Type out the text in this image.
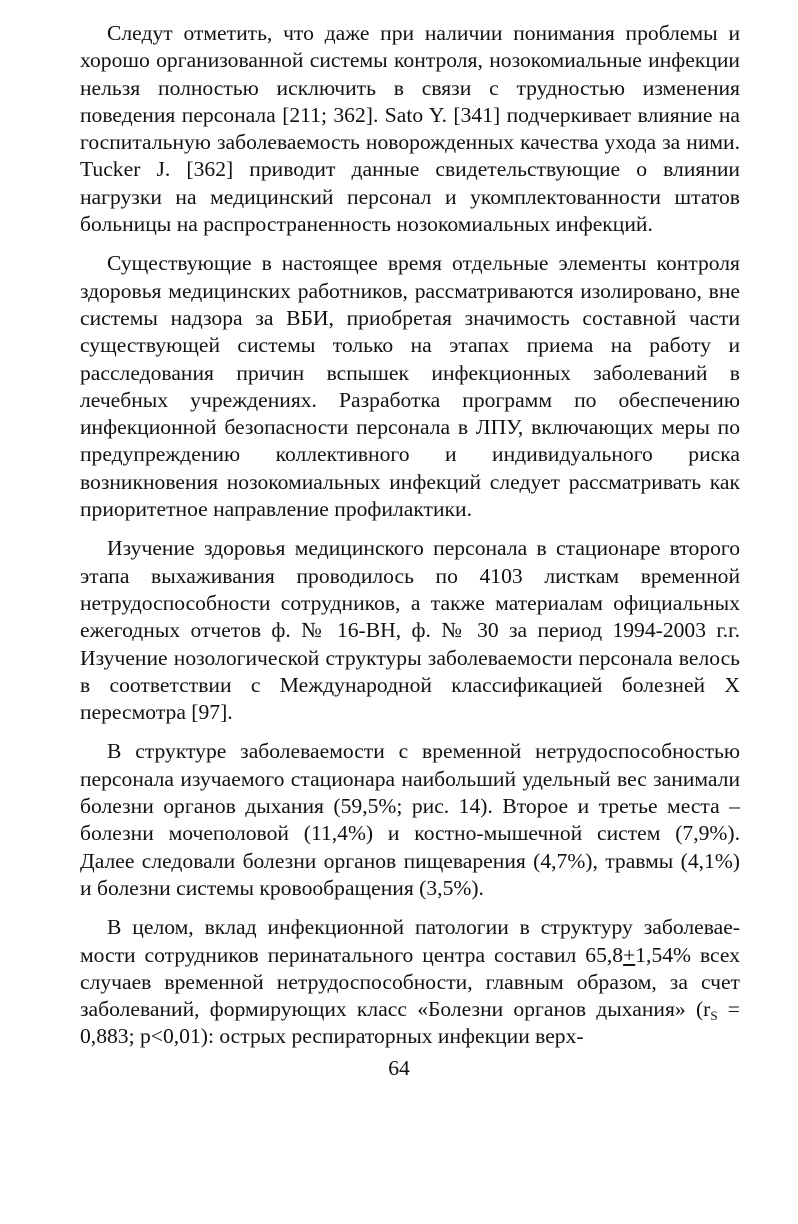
Следут отметить, что даже при наличии понимания проблемы и хорошо организованной системы контроля, нозокомиальные инфекции нельзя полностью исключить в связи с трудностью изменения поведения персонала [211; 362]. Sato Y. [341] подчеркивает влияние на госпитальную заболеваемость новорожденных качества ухода за ними. Tucker J. [362] приводит данные свидетельствующие о влиянии нагрузки на медицинский персонал и укомплектованности штатов больницы на распространенность нозокомиальных инфекций.

Существующие в настоящее время отдельные элементы контроля здоровья медицинских работников, рассматриваются изолировано, вне системы надзора за ВБИ, приобретая значимость составной части существующей системы только на этапах приема на работу и расследования причин вспышек инфекционных заболеваний в лечебных учреждениях. Разработка программ по обеспечению инфекционной безопасности персонала в ЛПУ, включающих меры по предупреждению коллективного и индивидуального риска возникновения нозокомиальных инфекций следует рассматривать как приоритетное направление профилактики.

Изучение здоровья медицинского персонала в стационаре второго этапа выхаживания проводилось по 4103 листкам временной нетрудоспособности сотрудников, а также материалам официальных ежегодных отчетов ф. № 16-ВН, ф. № 30 за период 1994-2003 г.г. Изучение нозологической структуры заболеваемости персонала велось в соответствии с Международной классификацией болезней X пересмотра [97].

В структуре заболеваемости с временной нетрудоспособностью персонала изучаемого стационара наибольший удельный вес занимали болезни органов дыхания (59,5%; рис. 14). Второе и третье места – болезни мочеполовой (11,4%) и костно-мышечной систем (7,9%). Далее следовали болезни органов пищеварения (4,7%), травмы (4,1%) и болезни системы кровообращения (3,5%).

В целом, вклад инфекционной патологии в структуру заболеваемости сотрудников перинатального центра составил 65,8+1,54% всех случаев временной нетрудоспособности, главным образом, за счет заболеваний, формирующих класс «Болезни органов дыхания» ($r_S = 0,883$; p<0,01): острых респираторных инфекции верх-

64
